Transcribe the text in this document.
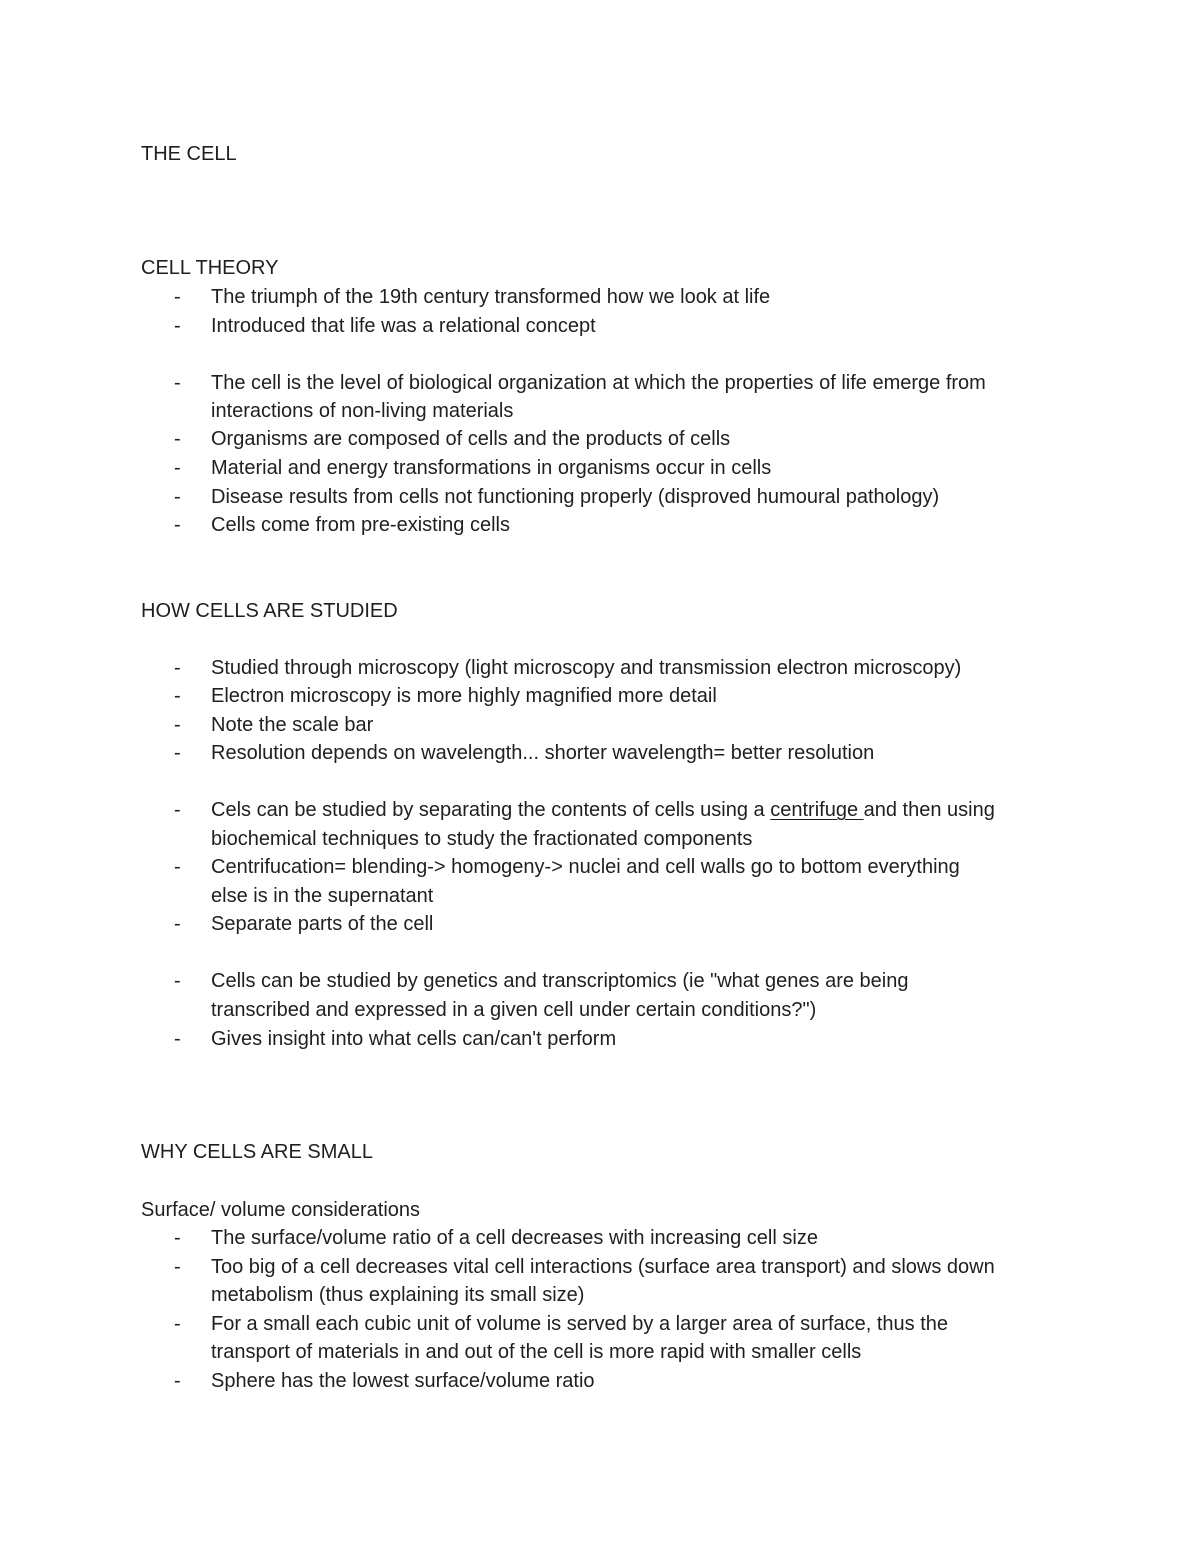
THE CELL
CELL THEORY
- The triumph of the 19th century transformed how we look at life
- Introduced that life was a relational concept
- The cell is the level of biological organization at which the properties of life emerge from
interactions of non-living materials
- Organisms are composed of cells and the products of cells
- Material and energy transformations in organisms occur in cells
- Disease results from cells not functioning properly (disproved humoural pathology)
- Cells come from pre-existing cells
HOW CELLS ARE STUDIED
- Studied through microscopy (light microscopy and transmission electron microscopy)
- Electron microscopy is more highly magnified more detail
- Note the scale bar
- Resolution depends on wavelength... shorter wavelength= better resolution
- Cels can be studied by separating the contents of cells using a centrifuge and then using
biochemical techniques to study the fractionated components
- Centrifucation= blending-> homogeny-> nuclei and cell walls go to bottom everything
else is in the supernatant
- Separate parts of the cell
- Cells can be studied by genetics and transcriptomics (ie "what genes are being
transcribed and expressed in a given cell under certain conditions?")
- Gives insight into what cells can/can't perform
WHY CELLS ARE SMALL
Surface/ volume considerations
- The surface/volume ratio of a cell decreases with increasing cell size
- Too big of a cell decreases vital cell interactions (surface area transport) and slows down
metabolism (thus explaining its small size)
- For a small each cubic unit of volume is served by a larger area of surface, thus the
transport of materials in and out of the cell is more rapid with smaller cells
- Sphere has the lowest surface/volume ratio
